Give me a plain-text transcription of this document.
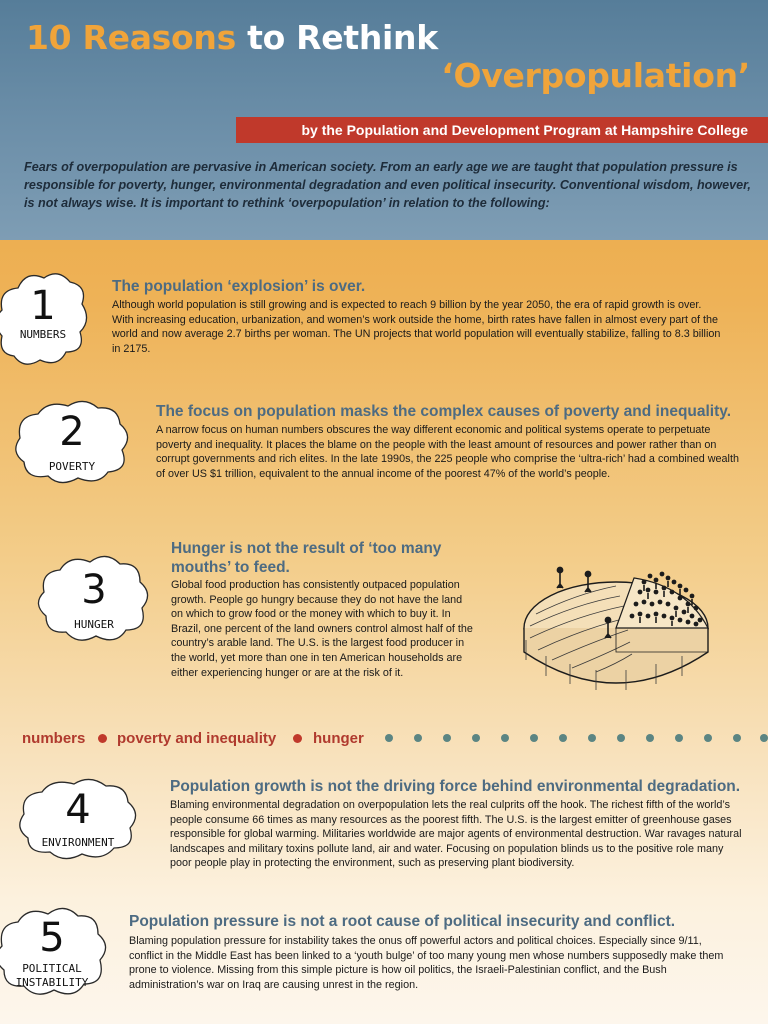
10 Reasons to Rethink
‘Overpopulation’
by the Population and Development Program at Hampshire College
Fears of overpopulation are pervasive in American society. From an early age we are taught that population pressure is responsible for poverty, hunger, environmental degradation and even political insecurity. Conventional wisdom, however, is not always wise. It is important to rethink ‘overpopulation’ in relation to the following:
1
NUMBERS
The population ‘explosion’ is over.
Although world population is still growing and is expected to reach 9 billion by the year 2050, the era of rapid growth is over. With increasing education, urbanization, and women’s work outside the home, birth rates have fallen in almost every part of the world and now average 2.7 births per woman. The UN projects that world population will eventually stabilize, falling to 8.3 billion in 2175.
2
POVERTY
The focus on population masks the complex causes of poverty and inequality.
A narrow focus on human numbers obscures the way different economic and political systems operate to perpetuate poverty and inequality. It places the blame on the people with the least amount of resources and power rather than on corrupt governments and rich elites. In the late 1990s, the 225 people who comprise the ‘ultra-rich’ had a combined wealth of over US $1 trillion, equivalent to the annual income of the poorest 47% of the world’s people.
3
HUNGER
Hunger is not the result of ‘too many mouths’ to feed.
Global food production has consistently outpaced population growth. People go hungry because they do not have the land on which to grow food or the money with which to buy it. In Brazil, one percent of the land owners control almost half of the country’s arable land. The U.S. is the largest food producer in the world, yet more than one in ten American households are either experiencing hunger or are at the risk of it.
numbers poverty and inequality hunger
4
ENVIRONMENT
Population growth is not the driving force behind environmental degradation.
Blaming environmental degradation on overpopulation lets the real culprits off the hook. The richest fifth of the world’s people consume 66 times as many resources as the poorest fifth. The U.S. is the largest emitter of greenhouse gases responsible for global warming. Militaries worldwide are major agents of environmental destruction. War ravages natural landscapes and military toxins pollute land, air and water. Focusing on population blinds us to the positive role many poor people play in protecting the environment, such as preserving plant biodiversity.
5
POLITICAL
INSTABILITY
Population pressure is not a root cause of political insecurity and conflict.
Blaming population pressure for instability takes the onus off powerful actors and political choices. Especially since 9/11, conflict in the Middle East has been linked to a ‘youth bulge’ of too many young men whose numbers supposedly make them prone to violence. Missing from this simple picture is how oil politics, the Israeli-Palestinian conflict, and the Bush administration’s war on Iraq are causing unrest in the region.
